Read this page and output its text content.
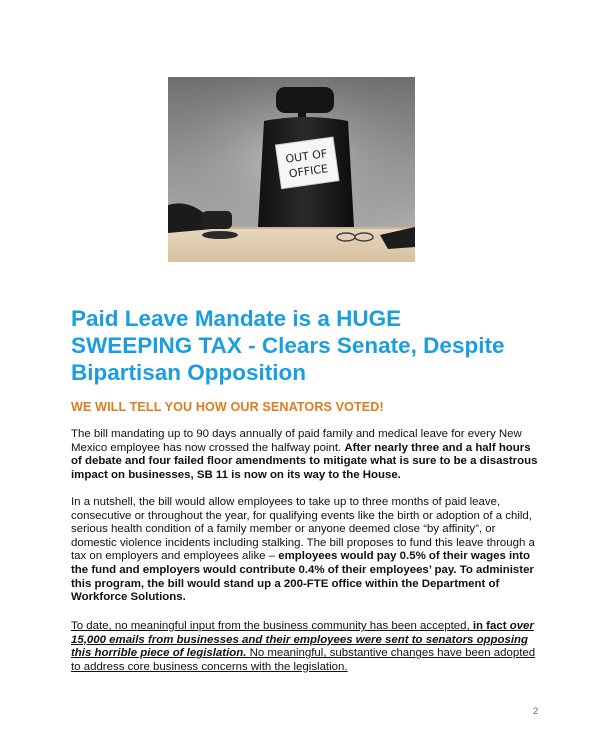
OUT OF
OFFICE
Paid Leave Mandate is a HUGE
SWEEPING TAX - Clears Senate, Despite
Bipartisan Opposition

WE WILL TELL YOU HOW OUR SENATORS VOTED!

The bill mandating up to 90 days annually of paid family and medical leave for every New Mexico employee has now crossed the halfway point. After nearly three and a half hours of debate and four failed floor amendments to mitigate what is sure to be a disastrous impact on businesses, SB 11 is now on its way to the House.

In a nutshell, the bill would allow employees to take up to three months of paid leave, consecutive or throughout the year, for qualifying events like the birth or adoption of a child, serious health condition of a family member or anyone deemed close “by affinity”, or domestic violence incidents including stalking. The bill proposes to fund this leave through a tax on employers and employees alike – employees would pay 0.5% of their wages into the fund and employers would contribute 0.4% of their employees’ pay. To administer this program, the bill would stand up a 200-FTE office within the Department of Workforce Solutions.

To date, no meaningful input from the business community has been accepted, in fact over 15,000 emails from businesses and their employees were sent to senators opposing this horrible piece of legislation. No meaningful, substantive changes have been adopted to address core business concerns with the legislation.

2
